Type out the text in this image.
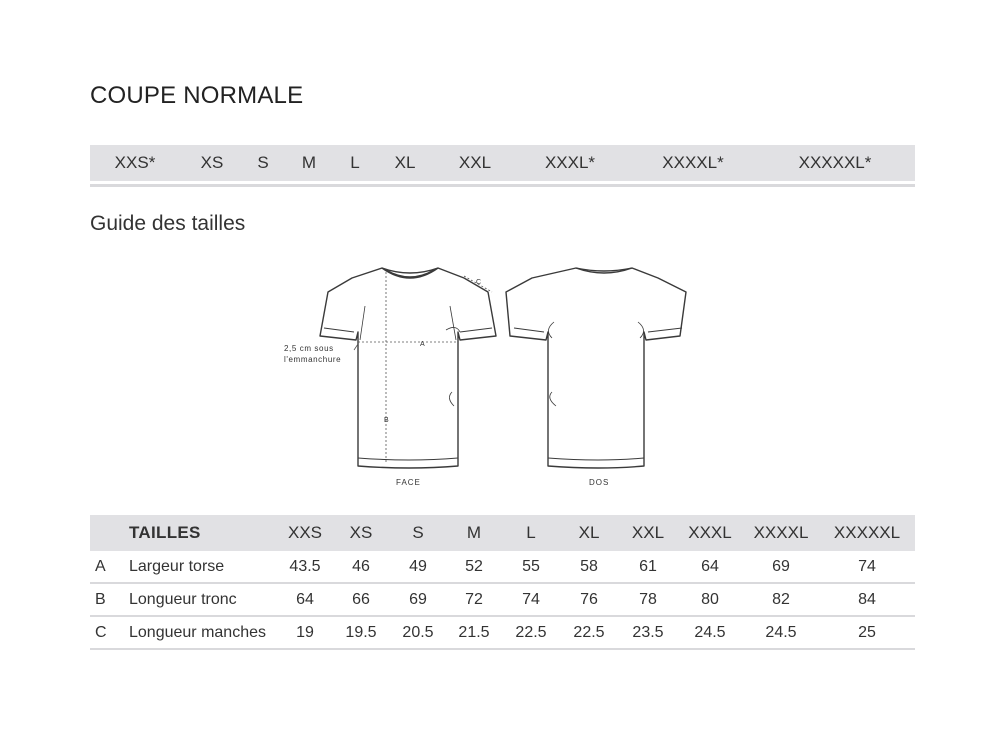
COUPE NORMALE
XXS*	XS S M L XL	XXL	XXXL*	XXXXL*	XXXXXL*
Guide des tailles
A
B
C
2,5 cm sous
l'emmanchure
FACE	DOS
TAILLES	XXS XS S	M	L	XL XXL XXXL XXXXL XXXXXL
A Largeur torse	43.5 46 49 52 55	58	61	64	69	74
B Longueur tronc	64 66 69 72 74	76	78	80	82	84
C Longueur manches 19 19.5 20.5 21.5 22.5 22.5 23.5 24.5 24.5	25
